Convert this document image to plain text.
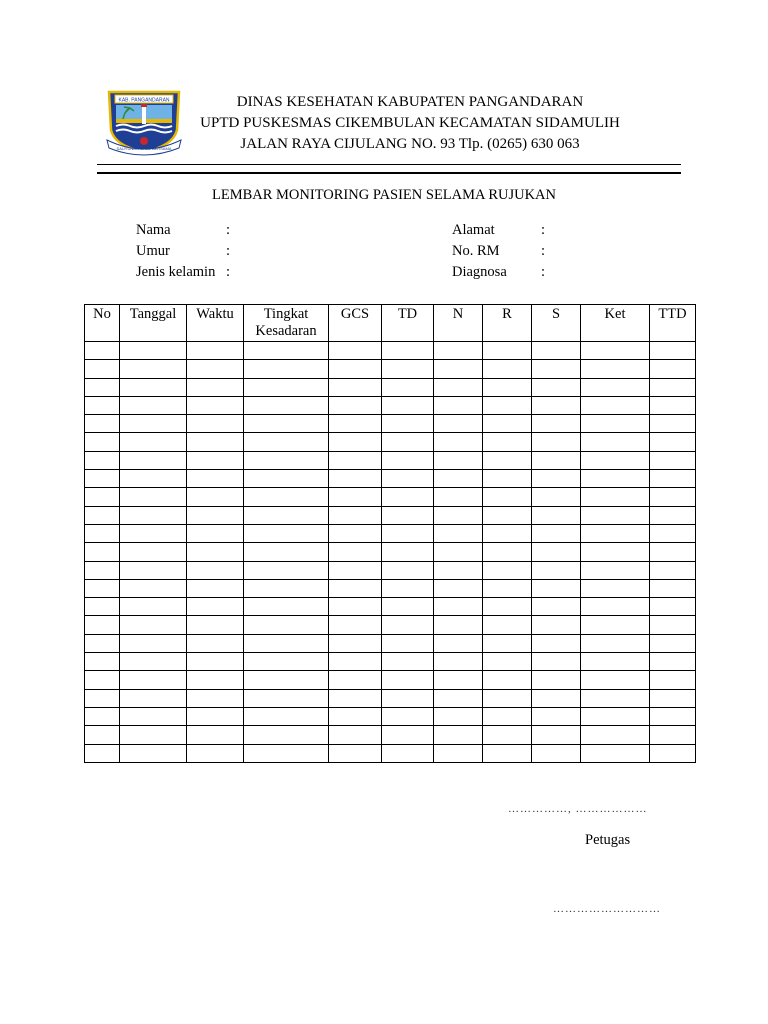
KAB. PANGANDARAN
SAUYUNAN MAJU BERSAMA
DINAS KESEHATAN KABUPATEN PANGANDARAN
UPTD PUSKESMAS CIKEMBULAN KECAMATAN SIDAMULIH
JALAN RAYA CIJULANG NO. 93 Tlp. (0265) 630 063
LEMBAR MONITORING PASIEN SELAMA RUJUKAN
Nama	:
Umur	:
Jenis kelamin :
Alamat	:
No. RM	:
Diagnosa :
No	Tanggal	Waktu	Tingkat Kesadaran	GCS	TD	N	R	S	Ket	TTD

……………, ………………
Petugas
………………………
